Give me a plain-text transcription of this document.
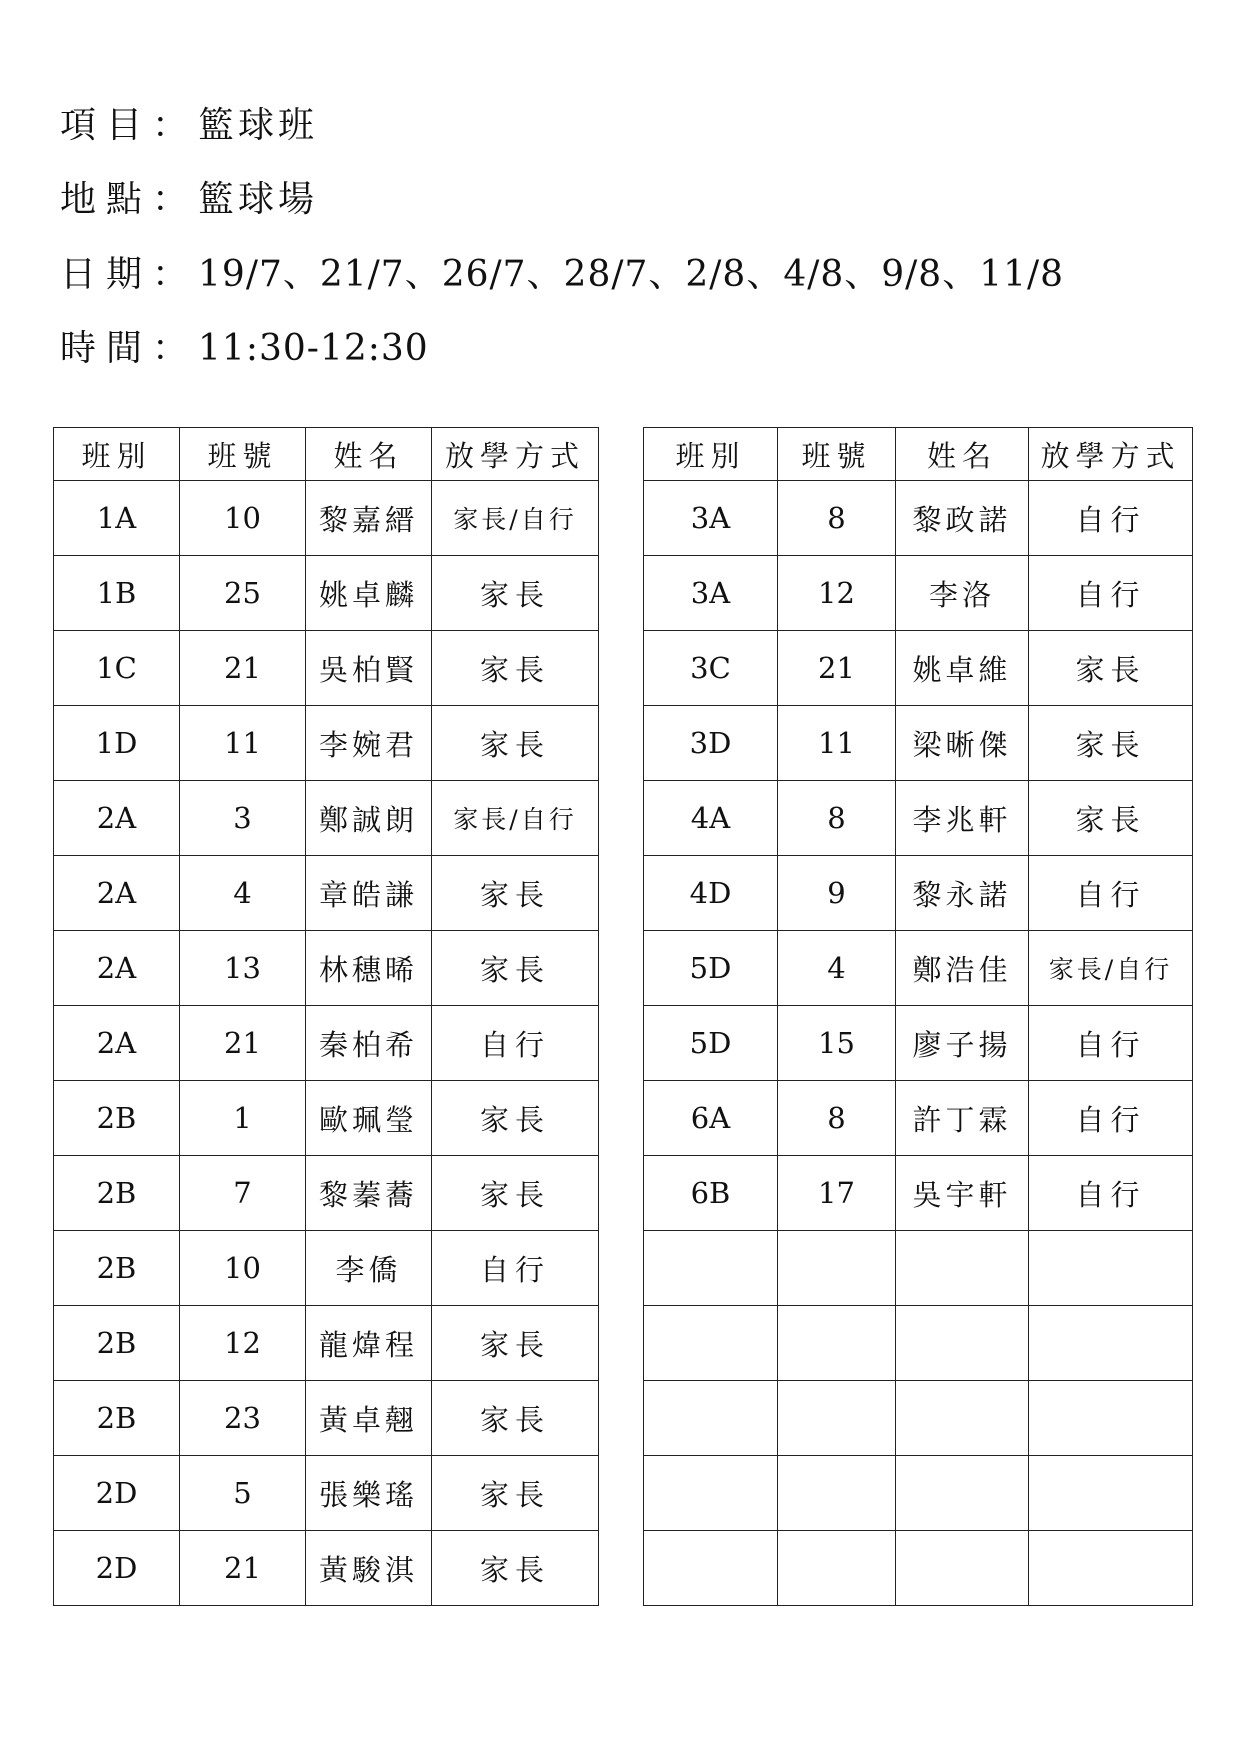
項目：籃球班
地點：籃球場
日期：19/7、21/7、26/7、28/7、2/8、4/8、9/8、11/8
時間：11:30-12:30
班別	班號	姓名	放學方式
1A	10	黎嘉縉	家長/自行
1B	25	姚卓麟	家長
1C	21	吳柏賢	家長
1D	11	李婉君	家長
2A	3	鄭誠朗	家長/自行
2A	4	章皓謙	家長
2A	13	林穗晞	家長
2A	21	秦柏希	自行
2B	1	歐珮瑩	家長
2B	7	黎蓁蕎	家長
2B	10	李僑	自行
2B	12	龍煒程	家長
2B	23	黃卓翹	家長
2D	5	張樂瑤	家長
2D	21	黃駿淇	家長
班別	班號	姓名	放學方式
3A	8	黎政諾	自行
3A	12	李洛	自行
3C	21	姚卓維	家長
3D	11	梁晰傑	家長
4A	8	李兆軒	家長
4D	9	黎永諾	自行
5D	4	鄭浩佳	家長/自行
5D	15	廖子揚	自行
6A	8	許丁霖	自行
6B	17	吳宇軒	自行
